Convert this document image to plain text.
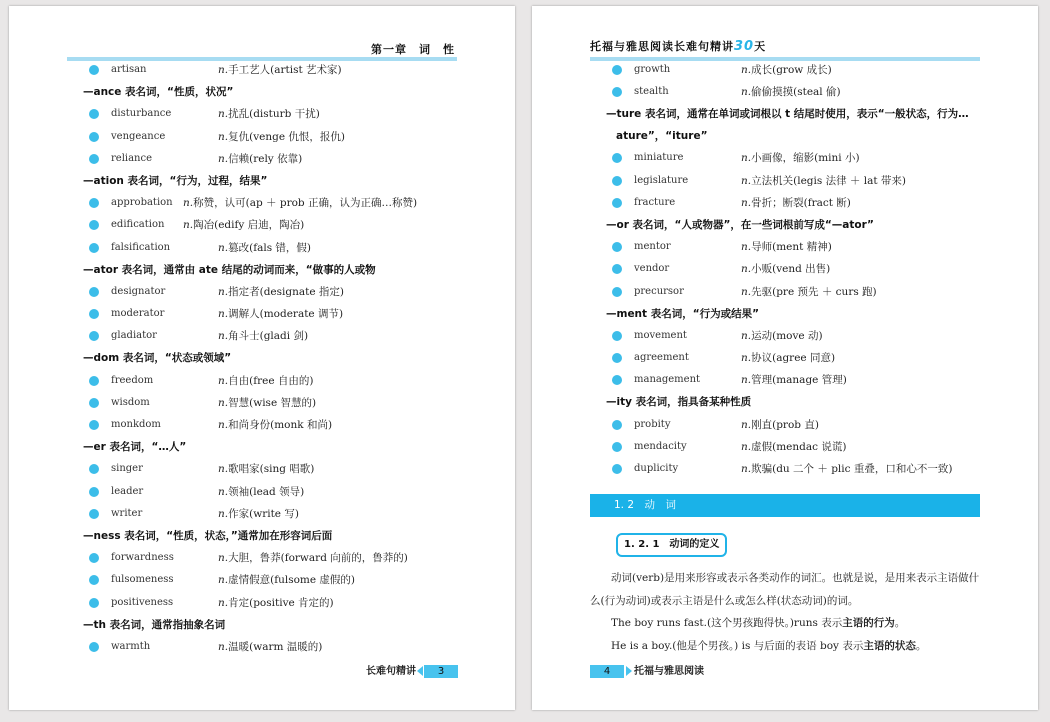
第一章　词　性
artisan	n.手工艺人(artist 艺术家)
—ance 表名词，“性质，状况”
disturbance	n.扰乱(disturb 干扰)
vengeance	n.复仇(venge 仇恨，报仇)
reliance	n.信赖(rely 依靠)
—ation 表名词，“行为，过程，结果”
approbation n.称赞，认可(ap ＋ prob 正确，认为正确…称赞)
edification n.陶冶(edify 启迪，陶冶)
falsification	n.篡改(fals 错，假)
—ator 表名词，通常由 ate 结尾的动词而来，“做事的人或物
designator	n.指定者(designate 指定)
moderator	n.调解人(moderate 调节)
gladiator	n.角斗士(gladi 剑)
—dom 表名词，“状态或领域”
freedom	n.自由(free 自由的)
wisdom	n.智慧(wise 智慧的)
monkdom	n.和尚身份(monk 和尚)
—er 表名词，“…人”
singer	n.歌唱家(sing 唱歌)
leader	n.领袖(lead 领导)
writer	n.作家(write 写)
—ness 表名词，“性质，状态，”通常加在形容词后面
forwardness	n.大胆，鲁莽(forward 向前的，鲁莽的)
fulsomeness	n.虚情假意(fulsome 虚假的)
positiveness	n.肯定(positive 肯定的)
—th 表名词，通常指抽象名词
warmth	n.温暖(warm 温暖的)
长难句精讲 3
托福与雅思阅读长难句精讲30天
growth	n.成长(grow 成长)
stealth	n.偷偷摸摸(steal 偷)
—ture 表名词，通常在单词或词根以 t 结尾时使用，表示“一般状态，行为…
ature”，“iture”
miniature	n.小画像，缩影(mini 小)
legislature	n.立法机关(legis 法律 ＋ lat 带来)
fracture	n.骨折；断裂(fract 断)
—or 表名词，“人或物器”，在一些词根前写成“—ator”
mentor	n.导师(ment 精神)
vendor	n.小贩(vend 出售)
precursor	n.先驱(pre 预先 ＋ curs 跑)
—ment 表名词，“行为或结果”
movement	n.运动(move 动)
agreement	n.协议(agree 同意)
management	n.管理(manage 管理)
—ity 表名词，指具备某种性质
probity	n.刚直(prob 直)
mendacity	n.虚假(mendac 说谎)
duplicity	n.欺骗(du 二个 ＋ plic 重叠，口和心不一致)
1. 2　动　词
1. 2. 1　动词的定义
　　动词(verb)是用来形容或表示各类动作的词汇。也就是说，是用来表示主语做什么(行为动词)或表示主语是什么或怎么样(状态动词)的词。
　　The boy runs fast.(这个男孩跑得快。)runs 表示主语的行为。
　　He is a boy.(他是个男孩。) is 与后面的表语 boy 表示主语的状态。
4 托福与雅思阅读
